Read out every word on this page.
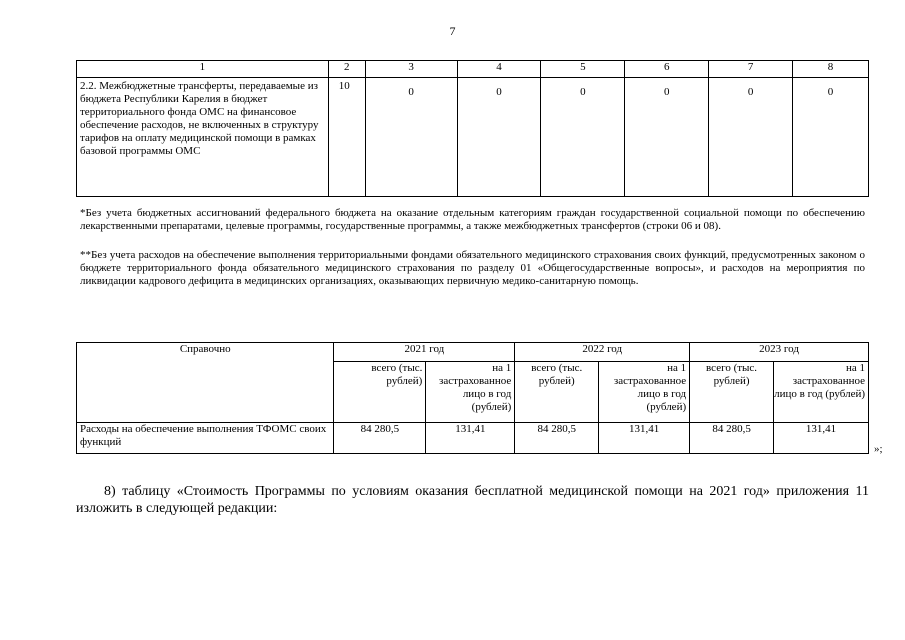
7
1	2	3	4	5	6	7	8
2.2. Межбюджетные трансферты, передаваемые из бюджета Республики Карелия в бюджет территориального фонда ОМС на финансовое обеспечение расходов, не включенных в структуру тарифов на оплату медицинской помощи в рамках базовой программы ОМС	10	0	0	0	0	0	0
*Без учета бюджетных ассигнований федерального бюджета на оказание отдельным категориям граждан государственной социальной помощи по обеспечению лекарственными препаратами, целевые программы, государственные программы, а также межбюджетных трансфертов (строки 06 и 08).
**Без учета расходов на обеспечение выполнения территориальными фондами обязательного медицинского страхования своих функций, предусмотренных законом о бюджете территориального фонда обязательного медицинского страхования по разделу 01 «Общегосударственные вопросы», и расходов на мероприятия по ликвидации кадрового дефицита в медицинских организациях, оказывающих первичную медико-санитарную помощь.
Справочно	2021 год		2022 год		2023 год	
	всего (тыс. рублей)	на 1 застрахованное лицо в год (рублей)	всего (тыс. рублей)	на 1 застрахованное лицо в год (рублей)	всего (тыс. рублей)	на 1 застрахованное лицо в год (рублей)
Расходы на обеспечение выполнения ТФОМС своих функций	84 280,5	131,41	84 280,5	131,41	84 280,5	131,41
»;
8) таблицу «Стоимость Программы по условиям оказания бесплатной медицинской помощи на 2021 год» приложения 11 изложить в следующей редакции:
